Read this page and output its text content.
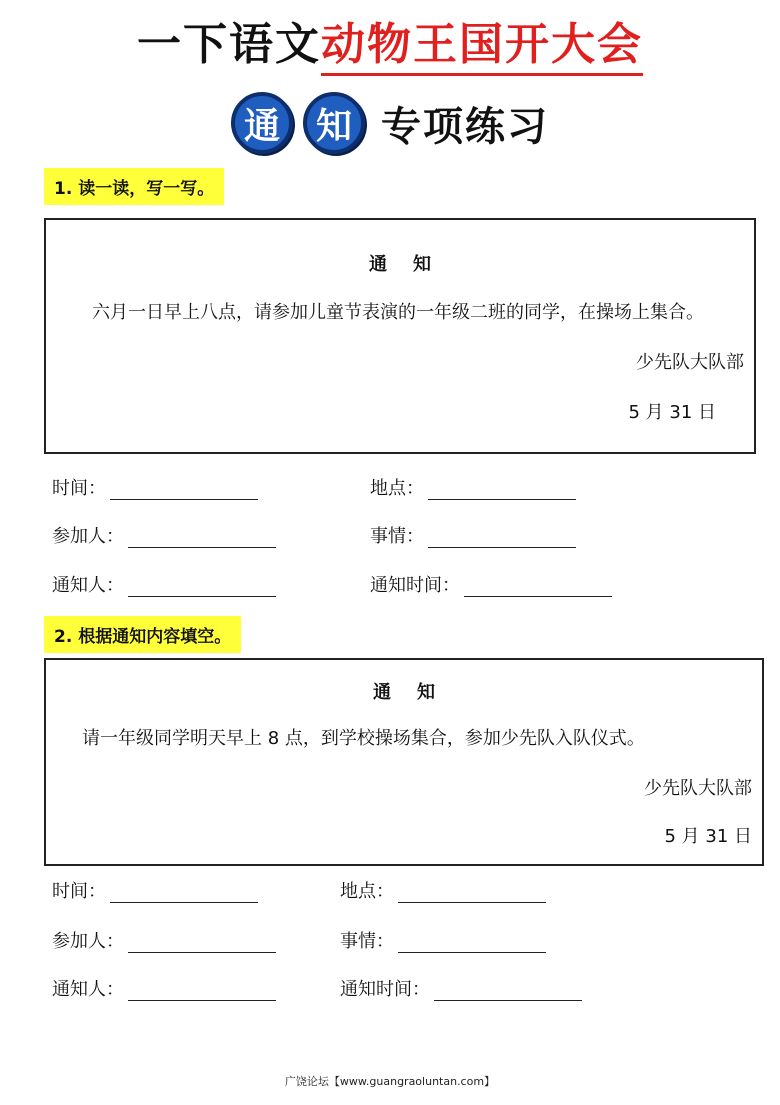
一下语文动物王国开大会
通 知 专项练习
1. 读一读，写一写。
通知
六月一日早上八点，请参加儿童节表演的一年级二班的同学，在操场上集合。
少先队大队部
5 月 31 日
时间：	地点：
参加人：	事情：
通知人：	通知时间：
2. 根据通知内容填空。
通知
请一年级同学明天早上 8 点，到学校操场集合，参加少先队入队仪式。
少先队大队部
5 月 31 日
时间：	地点：
参加人：	事情：
通知人：	通知时间：
广饶论坛【www.guangraoluntan.com】
